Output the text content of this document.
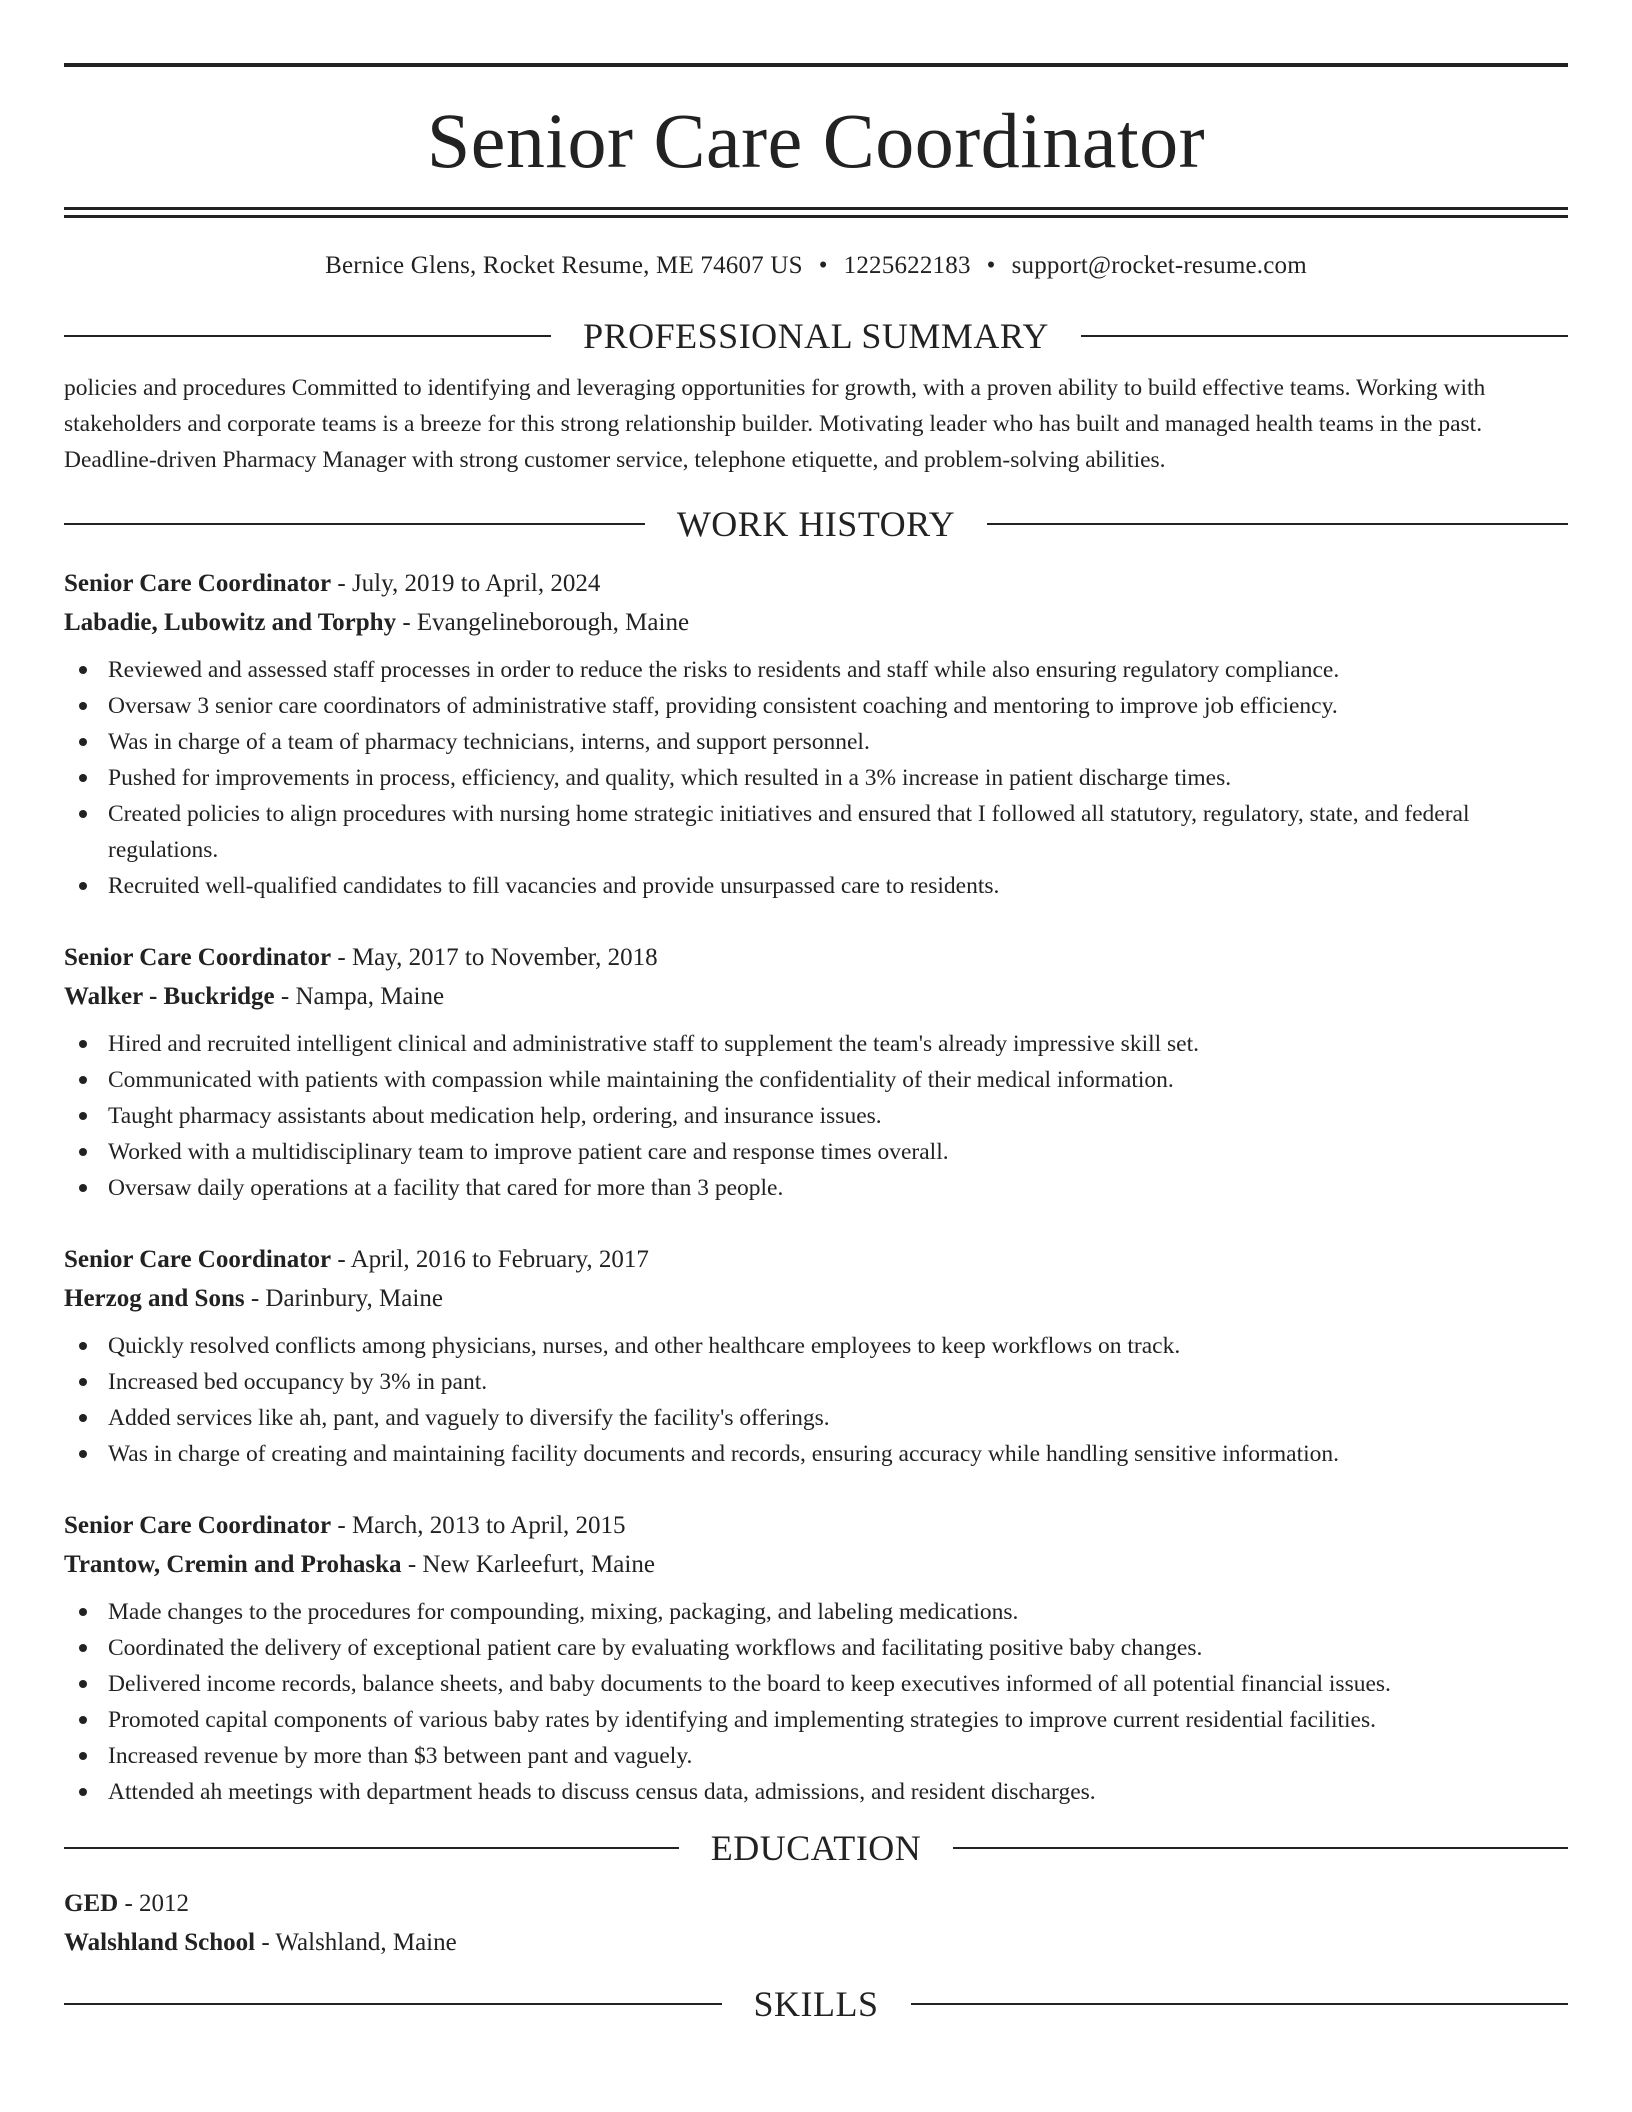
Senior Care Coordinator
Bernice Glens, Rocket Resume, ME 74607 US • 1225622183 • support@rocket-resume.com
PROFESSIONAL SUMMARY

policies and procedures Committed to identifying and leveraging opportunities for growth, with a proven ability to build effective teams. Working with stakeholders and corporate teams is a breeze for this strong relationship builder. Motivating leader who has built and managed health teams in the past. Deadline-driven Pharmacy Manager with strong customer service, telephone etiquette, and problem-solving abilities.

WORK HISTORY
Senior Care Coordinator - July, 2019 to April, 2024
Labadie, Lubowitz and Torphy - Evangelineborough, Maine
Reviewed and assessed staff processes in order to reduce the risks to residents and staff while also ensuring regulatory compliance.
Oversaw 3 senior care coordinators of administrative staff, providing consistent coaching and mentoring to improve job efficiency.
Was in charge of a team of pharmacy technicians, interns, and support personnel.
Pushed for improvements in process, efficiency, and quality, which resulted in a 3% increase in patient discharge times.
Created policies to align procedures with nursing home strategic initiatives and ensured that I followed all statutory, regulatory, state, and federal regulations.
Recruited well-qualified candidates to fill vacancies and provide unsurpassed care to residents.
Senior Care Coordinator - May, 2017 to November, 2018
Walker - Buckridge - Nampa, Maine
Hired and recruited intelligent clinical and administrative staff to supplement the team's already impressive skill set.
Communicated with patients with compassion while maintaining the confidentiality of their medical information.
Taught pharmacy assistants about medication help, ordering, and insurance issues.
Worked with a multidisciplinary team to improve patient care and response times overall.
Oversaw daily operations at a facility that cared for more than 3 people.
Senior Care Coordinator - April, 2016 to February, 2017
Herzog and Sons - Darinbury, Maine
Quickly resolved conflicts among physicians, nurses, and other healthcare employees to keep workflows on track.
Increased bed occupancy by 3% in pant.
Added services like ah, pant, and vaguely to diversify the facility's offerings.
Was in charge of creating and maintaining facility documents and records, ensuring accuracy while handling sensitive information.
Senior Care Coordinator - March, 2013 to April, 2015
Trantow, Cremin and Prohaska - New Karleefurt, Maine
Made changes to the procedures for compounding, mixing, packaging, and labeling medications.
Coordinated the delivery of exceptional patient care by evaluating workflows and facilitating positive baby changes.
Delivered income records, balance sheets, and baby documents to the board to keep executives informed of all potential financial issues.
Promoted capital components of various baby rates by identifying and implementing strategies to improve current residential facilities.
Increased revenue by more than $3 between pant and vaguely.
Attended ah meetings with department heads to discuss census data, admissions, and resident discharges.
EDUCATION
GED - 2012
Walshland School - Walshland, Maine
SKILLS
